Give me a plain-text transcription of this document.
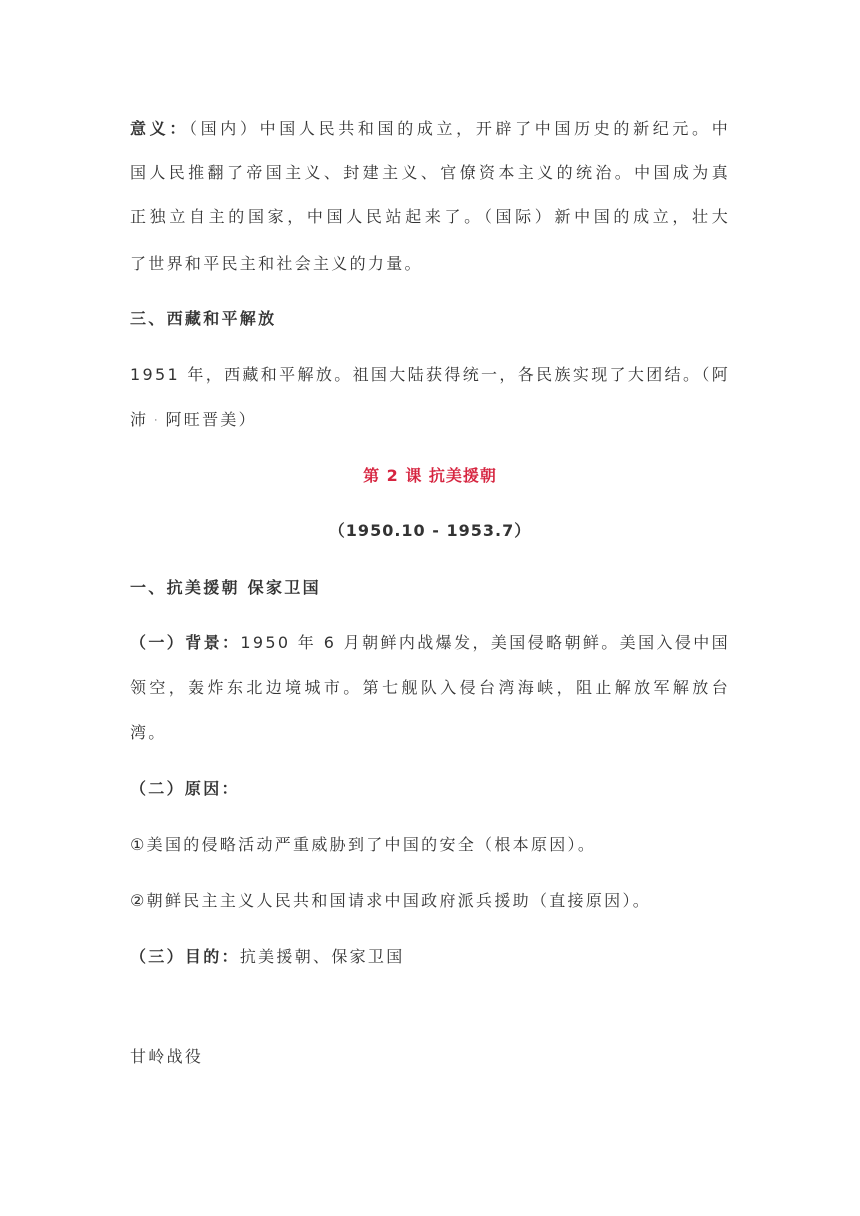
意义：（国内）中国人民共和国的成立，开辟了中国历史的新纪元。中
国人民推翻了帝国主义、封建主义、官僚资本主义的统治。中国成为真
正独立自主的国家，中国人民站起来了。（国际）新中国的成立，壮大
了世界和平民主和社会主义的力量。
三、西藏和平解放
1951 年，西藏和平解放。祖国大陆获得统一，各民族实现了大团结。（阿
沛 · 阿旺晋美）
第 2 课 抗美援朝
（1950.10 - 1953.7）
一、抗美援朝 保家卫国
（一）背景：1950 年 6 月朝鲜内战爆发，美国侵略朝鲜。美国入侵中国
领空，轰炸东北边境城市。第七舰队入侵台湾海峡，阻止解放军解放台
湾。
（二）原因：
①美国的侵略活动严重威胁到了中国的安全（根本原因）。
②朝鲜民主主义人民共和国请求中国政府派兵援助（直接原因）。
（三）目的：抗美援朝、保家卫国
甘岭战役
